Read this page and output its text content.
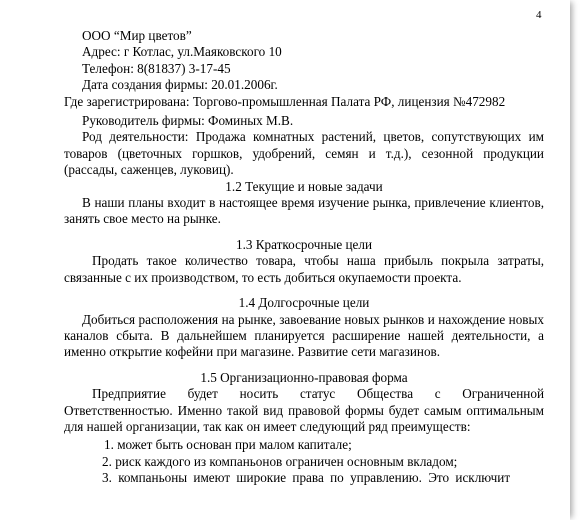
4
ООО “Мир цветов”
Адрес: г Котлас, ул.Маяковского 10
Телефон: 8(81837) 3-17-45
Дата создания фирмы: 20.01.2006г.
Где зарегистрирована: Торгово-промышленная Палата РФ, лицензия №472982
Руководитель фирмы: Фоминых М.В.
Род деятельности: Продажа комнатных растений, цветов, сопутствующих им товаров (цветочных горшков, удобрений, семян и т.д.), сезонной продукции (рассады, саженцев, луковиц).
1.2 Текущие и новые задачи
В наши планы входит в настоящее время изучение рынка, привлечение клиентов, занять свое место на рынке.
1.3 Краткосрочные цели
Продать такое количество товара, чтобы наша прибыль покрыла затраты, связанные с их производством, то есть добиться окупаемости проекта.
1.4 Долгосрочные цели
Добиться расположения на рынке, завоевание новых рынков и нахождение новых каналов сбыта. В дальнейшем планируется расширение нашей деятельности, а именно открытие кофейни при магазине. Развитие сети магазинов.
1.5 Организационно-правовая форма
Предприятие будет носить статус Общества с Ограниченной Ответственностью. Именно такой вид правовой формы будет самым оптимальным для нашей организации, так как он имеет следующий ряд преимуществ:
1. может быть основан при малом капитале;
2. риск каждого из компаньонов ограничен основным вкладом;
3. компаньоны имеют широкие права по управлению. Это исключит
